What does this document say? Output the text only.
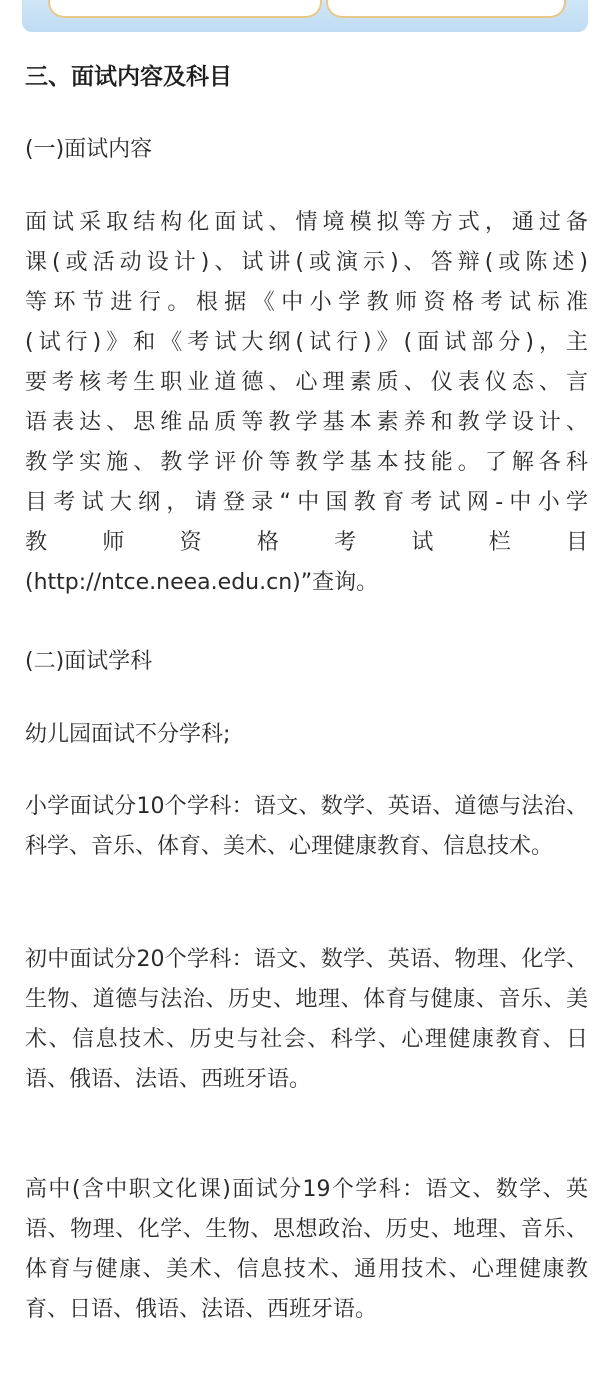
三、面试内容及科目

(一)面试内容

面试采取结构化面试、情境模拟等方式，通过备
课(或活动设计)、试讲(或演示)、答辩(或陈述)
等环节进行。根据《中小学教师资格考试标准
(试行)》和《考试大纲(试行)》(面试部分)，主
要考核考生职业道德、心理素质、仪表仪态、言
语表达、思维品质等教学基本素养和教学设计、
教学实施、教学评价等教学基本技能。了解各科
目考试大纲，请登录“中国教育考试网-中小学
教 师 资 格 考 试 栏 目
(http://ntce.neea.edu.cn)”查询。

(二)面试学科

幼儿园面试不分学科;

小学面试分10个学科：语文、数学、英语、道德与法治、科学、音乐、体育、美术、心理健康教育、信息技术。

初中面试分20个学科：语文、数学、英语、物理、化学、生物、道德与法治、历史、地理、体育与健康、音乐、美术、信息技术、历史与社会、科学、心理健康教育、日语、俄语、法语、西班牙语。

高中(含中职文化课)面试分19个学科：语文、数学、英语、物理、化学、生物、思想政治、历史、地理、音乐、体育与健康、美术、信息技术、通用技术、心理健康教育、日语、俄语、法语、西班牙语。
